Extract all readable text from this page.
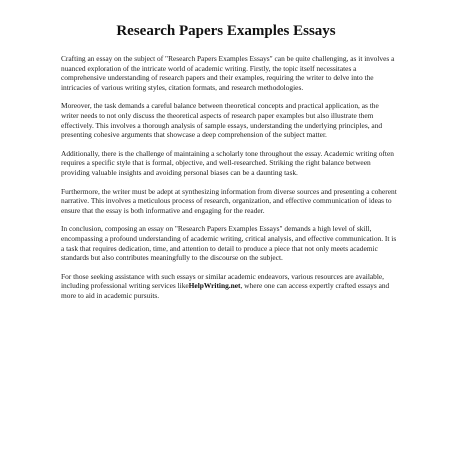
Research Papers Examples Essays

Crafting an essay on the subject of "Research Papers Examples Essays" can be quite challenging, as it involves a nuanced exploration of the intricate world of academic writing. Firstly, the topic itself necessitates a comprehensive understanding of research papers and their examples, requiring the writer to delve into the intricacies of various writing styles, citation formats, and research methodologies.

Moreover, the task demands a careful balance between theoretical concepts and practical application, as the writer needs to not only discuss the theoretical aspects of research paper examples but also illustrate them effectively. This involves a thorough analysis of sample essays, understanding the underlying principles, and presenting cohesive arguments that showcase a deep comprehension of the subject matter.

Additionally, there is the challenge of maintaining a scholarly tone throughout the essay. Academic writing often requires a specific style that is formal, objective, and well-researched. Striking the right balance between providing valuable insights and avoiding personal biases can be a daunting task.

Furthermore, the writer must be adept at synthesizing information from diverse sources and presenting a coherent narrative. This involves a meticulous process of research, organization, and effective communication of ideas to ensure that the essay is both informative and engaging for the reader.

In conclusion, composing an essay on "Research Papers Examples Essays" demands a high level of skill, encompassing a profound understanding of academic writing, critical analysis, and effective communication. It is a task that requires dedication, time, and attention to detail to produce a piece that not only meets academic standards but also contributes meaningfully to the discourse on the subject.

For those seeking assistance with such essays or similar academic endeavors, various resources are available, including professional writing services likeHelpWriting.net, where one can access expertly crafted essays and more to aid in academic pursuits.
